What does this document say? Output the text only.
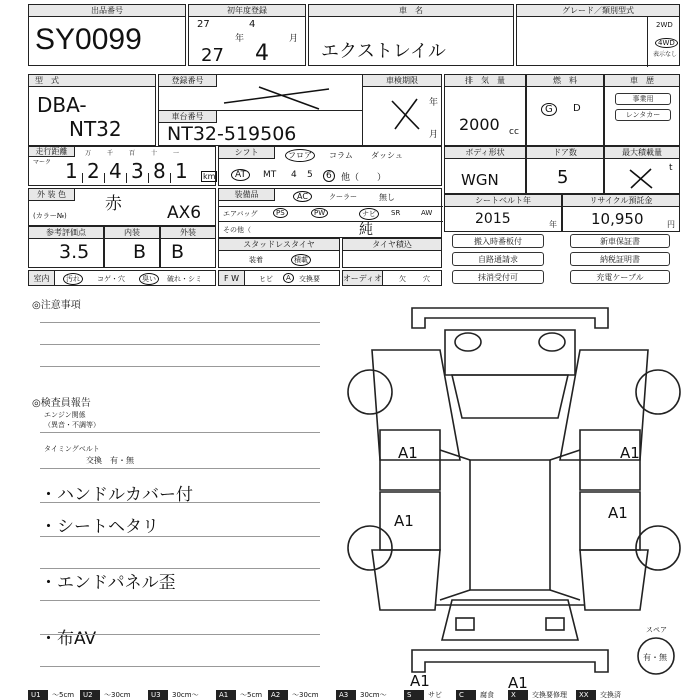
出品番号
SY0099
初年度登録
27
年
4
月
27 4
車　名
エクストレイル
グレード／類別型式
2WD
4WD
表示なし
型　式
DBA-
NT32
登録番号
車台番号
NT32-519506
車検期限
年
月
排　気　量
2000 cc
燃　料
G	D
車　歴
事業用
レンタカー
走行距離
マーク
万	千	百	十	一
1 2 4 3 8 1 km
シフト	フロア	コラム ダッシュ
AT	MT 4 5	6	他（　　）
ボディ形状
WGN
ドア数
5
最大積載量
t
外 装 色
(カラー№)
赤	AX6
装備品	AC	クーラー	無し
エアバッグ	PS	PW	ナビ	SR	AW
その他（	純
シートベルト年
2015	年
リサイクル預託金
10,950	円
参考評価点
3.5
内装
B
外装
B	スタッドレスタイヤ
装着	積載
タイヤ積込	搬入時番板付
自路通請求
抹消受付可
新車保証書
納税証明書
充電ケーブル
室内	汚れ	コゲ・穴	臭い	破れ・シミ	F W	ヒビ	A	交換要	オーディオ 欠 穴
◎注意事項
◎検査員報告
エンジン関係
（異音・不調等）
タイミングベルト
交換　有・無
・ハンドルカバー付
・シートヘタリ
・エンドパネル歪
・布AV
A1	A1
A1	A1
A1	A1
スペア
有・無
U1	～5cm	U2	～30cm	U3	30cm～	A1	～5cm	A2	～30cm	A3	30cm～	S	サビ	C	腐食	X	交換要修理	XX	交換済
